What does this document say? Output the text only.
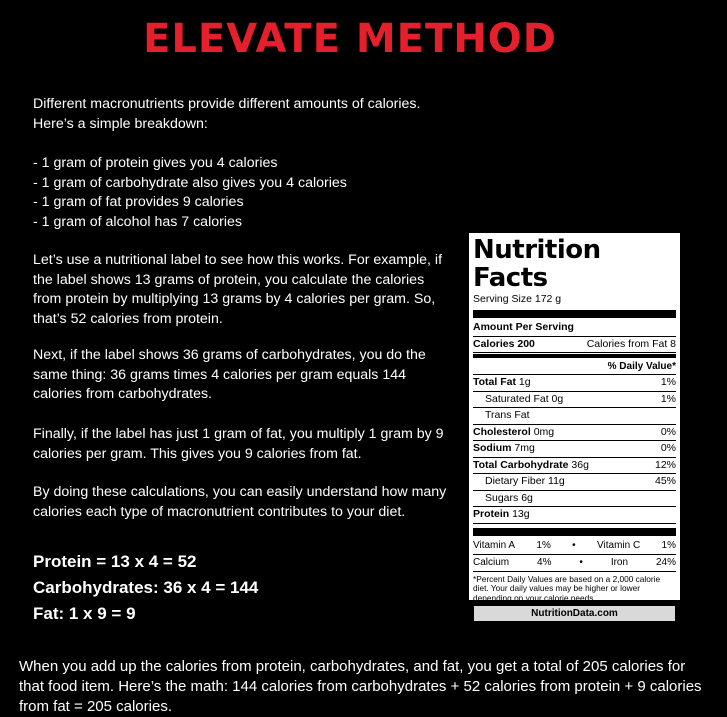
ELEVATE METHOD

Different macronutrients provide different amounts of calories.

Here’s a simple breakdown:

- 1 gram of protein gives you 4 calories

- 1 gram of carbohydrate also gives you 4 calories

- 1 gram of fat provides 9 calories

- 1 gram of alcohol has 7 calories

Let’s use a nutritional label to see how this works. For example, if the label shows 13 grams of protein, you calculate the calories from protein by multiplying 13 grams by 4 calories per gram. So, that’s 52 calories from protein.

Next, if the label shows 36 grams of carbohydrates, you do the same thing: 36 grams times 4 calories per gram equals 144 calories from carbohydrates.

Finally, if the label has just 1 gram of fat, you multiply 1 gram by 9 calories per gram. This gives you 9 calories from fat.

By doing these calculations, you can easily understand how many calories each type of macronutrient contributes to your diet.

Protein = 13 x 4 = 52

Carbohydrates: 36 x 4 = 144

Fat: 1 x 9 = 9

When you add up the calories from protein, carbohydrates, and fat, you get a total of 205 calories for that food item. Here’s the math: 144 calories from carbohydrates + 52 calories from protein + 9 calories from fat = 205 calories.

Nutrition Facts
Serving Size 172 g
Amount Per Serving
Calories 200	Calories from Fat 8
% Daily Value*
Total Fat 1g	1%
Saturated Fat 0g	1%
Trans Fat
Cholesterol 0mg	0%
Sodium 7mg	0%
Total Carbohydrate 36g	12%
Dietary Fiber 11g	45%
Sugars 6g
Protein 13g
Vitamin A 1% • Vitamin C 1%
Calcium	4%	•	Iron	24%
*Percent Daily Values are based on a 2,000 calorie diet. Your daily values may be higher or lower depending on your calorie needs.
NutritionData.com
